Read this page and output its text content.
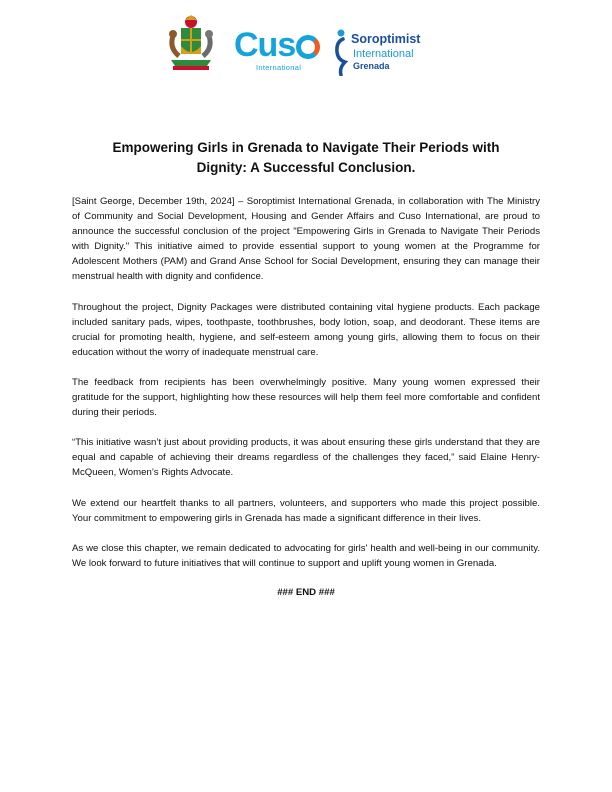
Cus
International
Soroptimist
International
Grenada
Empowering Girls in Grenada to Navigate Their Periods with
Dignity: A Successful Conclusion.

[Saint George, December 19th, 2024] – Soroptimist International Grenada, in collaboration with The Ministry of Community and Social Development, Housing and Gender Affairs and Cuso International, are proud to announce the successful conclusion of the project "Empowering Girls in Grenada to Navigate Their Periods with Dignity." This initiative aimed to provide essential support to young women at the Programme for Adolescent Mothers (PAM) and Grand Anse School for Social Development, ensuring they can manage their menstrual health with dignity and confidence.

Throughout the project, Dignity Packages were distributed containing vital hygiene products. Each package included sanitary pads, wipes, toothpaste, toothbrushes, body lotion, soap, and deodorant. These items are crucial for promoting health, hygiene, and self-esteem among young girls, allowing them to focus on their education without the worry of inadequate menstrual care.

The feedback from recipients has been overwhelmingly positive. Many young women expressed their gratitude for the support, highlighting how these resources will help them feel more comfortable and confident during their periods.

“This initiative wasn’t just about providing products, it was about ensuring these girls understand that they are equal and capable of achieving their dreams regardless of the challenges they faced,” said Elaine Henry-McQueen, Women’s Rights Advocate.

We extend our heartfelt thanks to all partners, volunteers, and supporters who made this project possible. Your commitment to empowering girls in Grenada has made a significant difference in their lives.

As we close this chapter, we remain dedicated to advocating for girls' health and well-being in our community. We look forward to future initiatives that will continue to support and uplift young women in Grenada.

### END ###
